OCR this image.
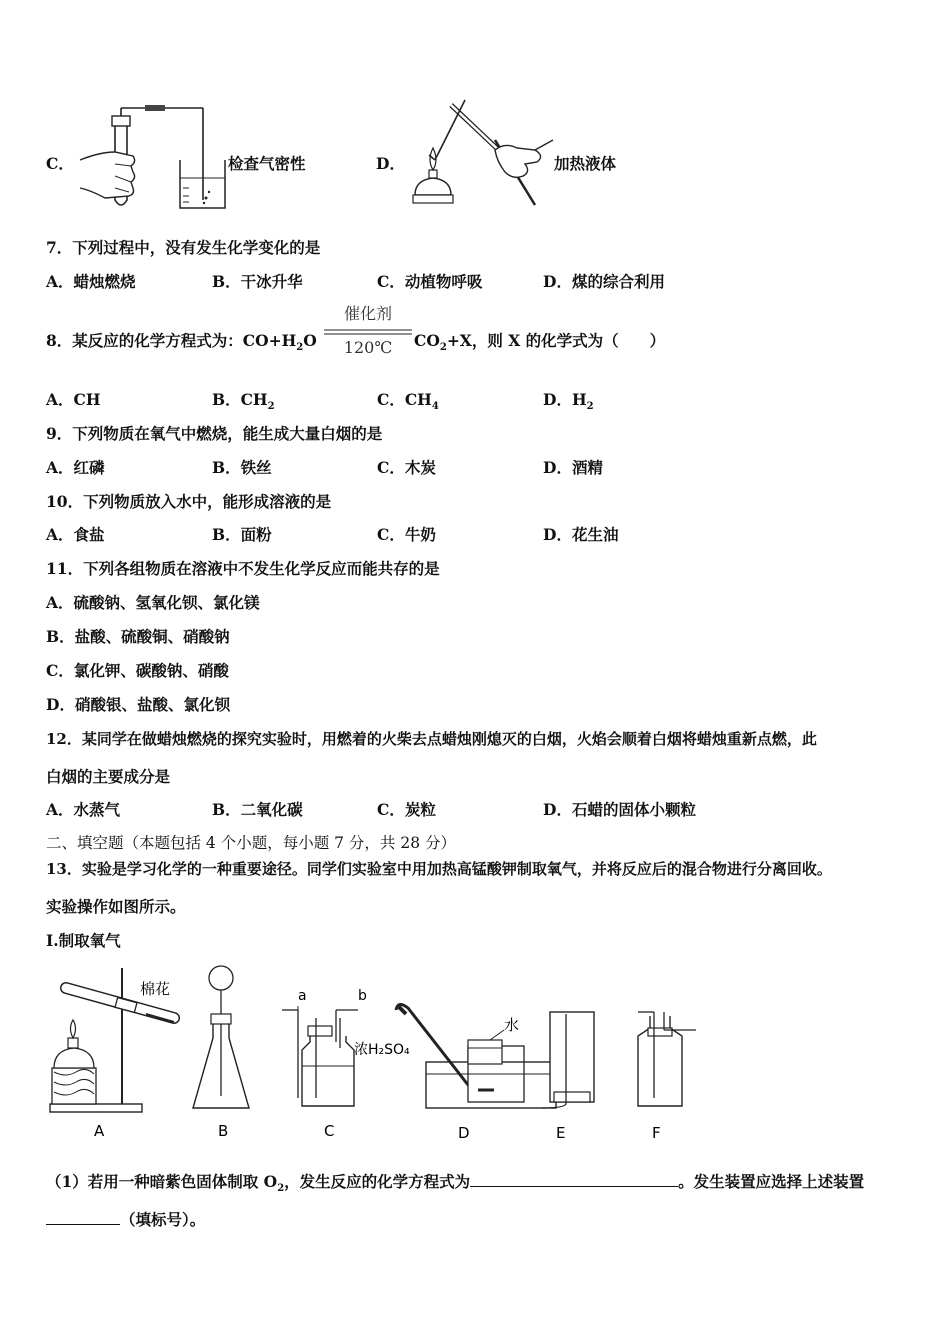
C．	检查气密性	D．	加热液体
7．下列过程中，没有发生化学变化的是
A．蜡烛燃烧	B．干冰升华	C．动植物呼吸	D．煤的综合利用
8．某反应的化学方程式为：$CO+H_2O$
催化剂
120℃	$CO_2+X$，则 X 的化学式为（　　）
A．CH	B．$CH_2$	C．$CH_4$	D．$H_2$
9．下列物质在氧气中燃烧，能生成大量白烟的是
A．红磷	B．铁丝	C．木炭	D．酒精
10．下列物质放入水中，能形成溶液的是
A．食盐	B．面粉	C．牛奶	D．花生油
11．下列各组物质在溶液中不发生化学反应而能共存的是
A．硫酸钠、氢氧化钡、氯化镁
B．盐酸、硫酸铜、硝酸钠
C．氯化钾、碳酸钠、硝酸
D．硝酸银、盐酸、氯化钡
12．某同学在做蜡烛燃烧的探究实验时，用燃着的火柴去点蜡烛刚熄灭的白烟，火焰会顺着白烟将蜡烛重新点燃，此
白烟的主要成分是
A．水蒸气	B．二氧化碳	C．炭粒	D．石蜡的固体小颗粒
二、填空题（本题包括 4 个小题，每小题 7 分，共 28 分）
13．实验是学习化学的一种重要途径。同学们实验室中用加热高锰酸钾制取氧气，并将反应后的混合物进行分离回收。
实验操作如图所示。
Ⅰ.制取氧气
棉花	a	b
浓H₂SO₄
水
A	B	C	D	E	F
（1）若用一种暗紫色固体制取 $O_2$，发生反应的化学方程式为	。发生装置应选择上述装置
（填标号）。
